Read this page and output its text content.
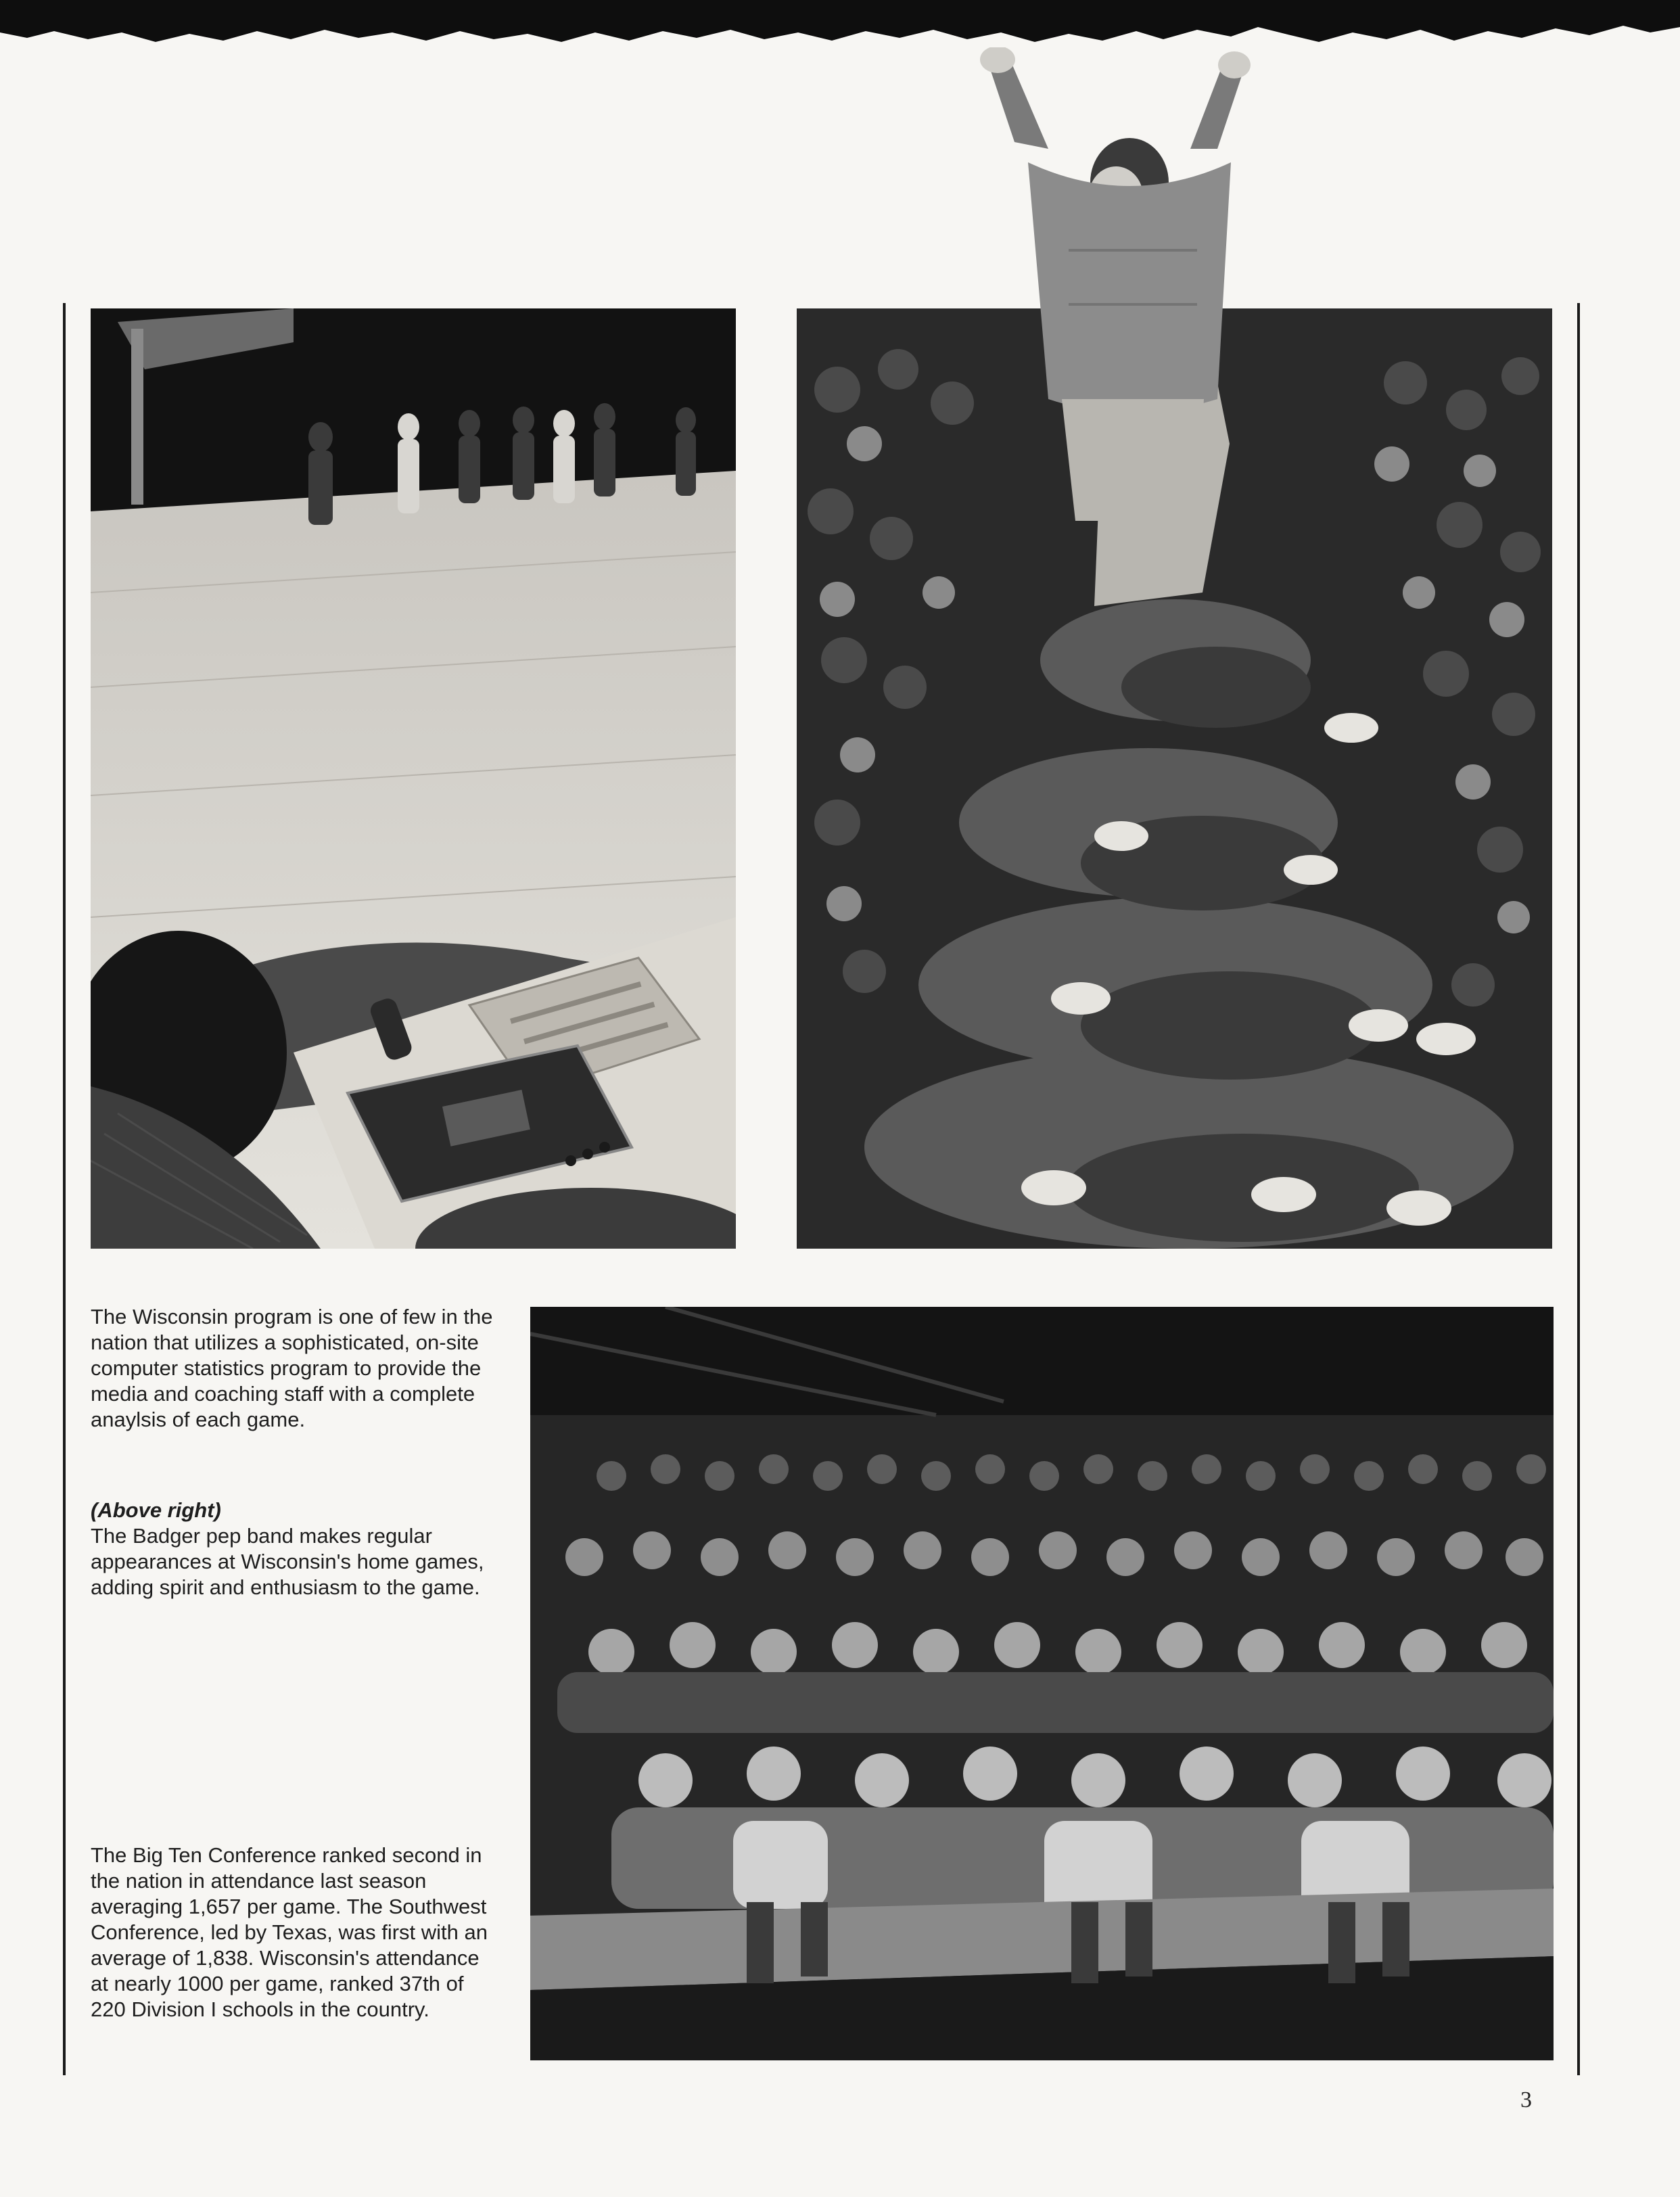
The Wisconsin program is one of few in the nation that utilizes a sophisticated, on-site computer statistics program to provide the media and coaching staff with a complete anaylsis of each game.

(Above right)

The Badger pep band makes regular appearances at Wisconsin's home games, adding spirit and enthusiasm to the game.

The Big Ten Conference ranked second in the nation in attendance last season averaging 1,657 per game. The Southwest Conference, led by Texas, was first with an average of 1,838. Wisconsin's attendance at nearly 1000 per game, ranked 37th of 220 Division I schools in the country.

3
